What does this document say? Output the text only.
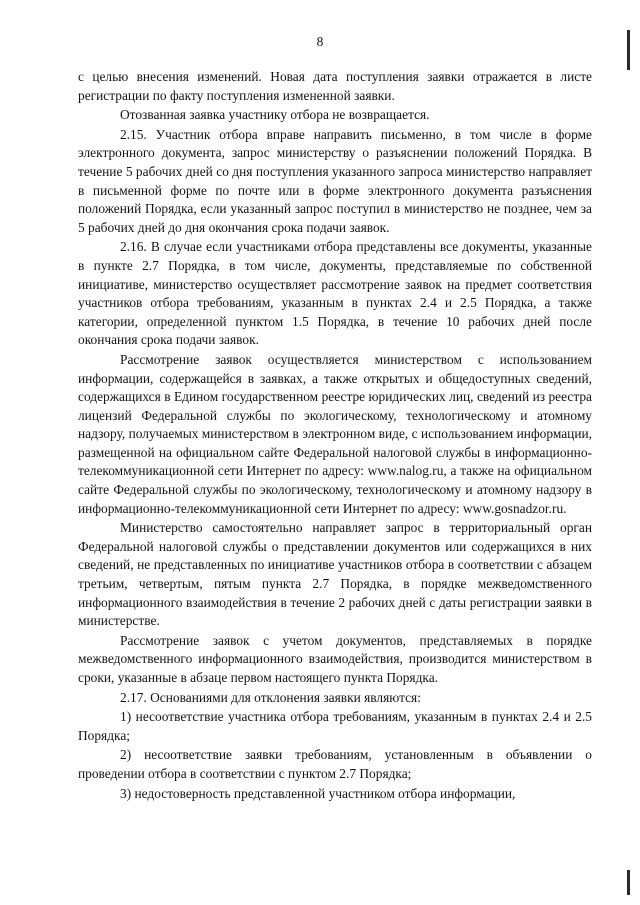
8

с целью внесения изменений. Новая дата поступления заявки отражается в листе регистрации по факту поступления измененной заявки.

Отозванная заявка участнику отбора не возвращается.

2.15. Участник отбора вправе направить письменно, в том числе в форме электронного документа, запрос министерству о разъяснении положений Порядка. В течение 5 рабочих дней со дня поступления указанного запроса министерство направляет в письменной форме по почте или в форме электронного документа разъяснения положений Порядка, если указанный запрос поступил в министерство не позднее, чем за 5 рабочих дней до дня окончания срока подачи заявок.

2.16. В случае если участниками отбора представлены все документы, указанные в пункте 2.7 Порядка, в том числе, документы, представляемые по собственной инициативе, министерство осуществляет рассмотрение заявок на предмет соответствия участников отбора требованиям, указанным в пунктах 2.4 и 2.5 Порядка, а также категории, определенной пунктом 1.5 Порядка, в течение 10 рабочих дней после окончания срока подачи заявок.

Рассмотрение заявок осуществляется министерством с использованием информации, содержащейся в заявках, а также открытых и общедоступных сведений, содержащихся в Едином государственном реестре юридических лиц, сведений из реестра лицензий Федеральной службы по экологическому, технологическому и атомному надзору, получаемых министерством в электронном виде, с использованием информации, размещенной на официальном сайте Федеральной налоговой службы в информационно-телекоммуникационной сети Интернет по адресу: www.nalog.ru, а также на официальном сайте Федеральной службы по экологическому, технологическому и атомному надзору в информационно-телекоммуникационной сети Интернет по адресу: www.gosnadzor.ru.

Министерство самостоятельно направляет запрос в территориальный орган Федеральной налоговой службы о представлении документов или содержащихся в них сведений, не представленных по инициативе участников отбора в соответствии с абзацем третьим, четвертым, пятым пункта 2.7 Порядка, в порядке межведомственного информационного взаимодействия в течение 2 рабочих дней с даты регистрации заявки в министерстве.

Рассмотрение заявок с учетом документов, представляемых в порядке межведомственного информационного взаимодействия, производится министерством в сроки, указанные в абзаце первом настоящего пункта Порядка.

2.17. Основаниями для отклонения заявки являются:

1) несоответствие участника отбора требованиям, указанным в пунктах 2.4 и 2.5 Порядка;

2) несоответствие заявки требованиям, установленным в объявлении о проведении отбора в соответствии с пунктом 2.7 Порядка;

3) недостоверность представленной участником отбора информации,
